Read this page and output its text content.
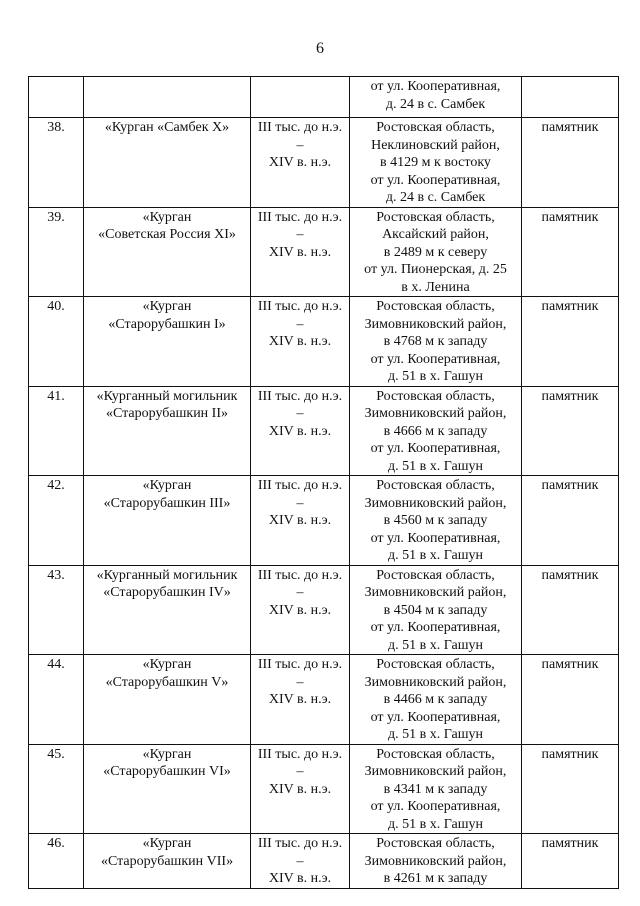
6

			от ул. Кооперативная,
д. 24 в с. Самбек	

38.	«Курган «Самбек X»	III тыс. до н.э. –
XIV в. н.э.	Ростовская область,
Неклиновский район,
в 4129 м к востоку
от ул. Кооперативная,
д. 24 в с. Самбек	памятник

39.	«Курган
«Советская Россия XI»	III тыс. до н.э. –
XIV в. н.э.	Ростовская область,
Аксайский район,
в 2489 м к северу
от ул. Пионерская, д. 25
в х. Ленина	памятник

40.	«Курган
«Старорубашкин I»	III тыс. до н.э. –
XIV в. н.э.	Ростовская область,
Зимовниковский район,
в 4768 м к западу
от ул. Кооперативная,
д. 51 в х. Гашун	памятник

41.	«Курганный могильник
«Старорубашкин II»	III тыс. до н.э. –
XIV в. н.э.	Ростовская область,
Зимовниковский район,
в 4666 м к западу
от ул. Кооперативная,
д. 51 в х. Гашун	памятник

42.	«Курган
«Старорубашкин III»	III тыс. до н.э. –
XIV в. н.э.	Ростовская область,
Зимовниковский район,
в 4560 м к западу
от ул. Кооперативная,
д. 51 в х. Гашун	памятник

43.	«Курганный могильник
«Старорубашкин IV»	III тыс. до н.э. –
XIV в. н.э.	Ростовская область,
Зимовниковский район,
в 4504 м к западу
от ул. Кооперативная,
д. 51 в х. Гашун	памятник

44.	«Курган
«Старорубашкин V»	III тыс. до н.э. –
XIV в. н.э.	Ростовская область,
Зимовниковский район,
в 4466 м к западу
от ул. Кооперативная,
д. 51 в х. Гашун	памятник

45.	«Курган
«Старорубашкин VI»	III тыс. до н.э. –
XIV в. н.э.	Ростовская область,
Зимовниковский район,
в 4341 м к западу
от ул. Кооперативная,
д. 51 в х. Гашун	памятник

46.	«Курган
«Старорубашкин VII»	III тыс. до н.э. –
XIV в. н.э.	Ростовская область,
Зимовниковский район,
в 4261 м к западу	памятник
